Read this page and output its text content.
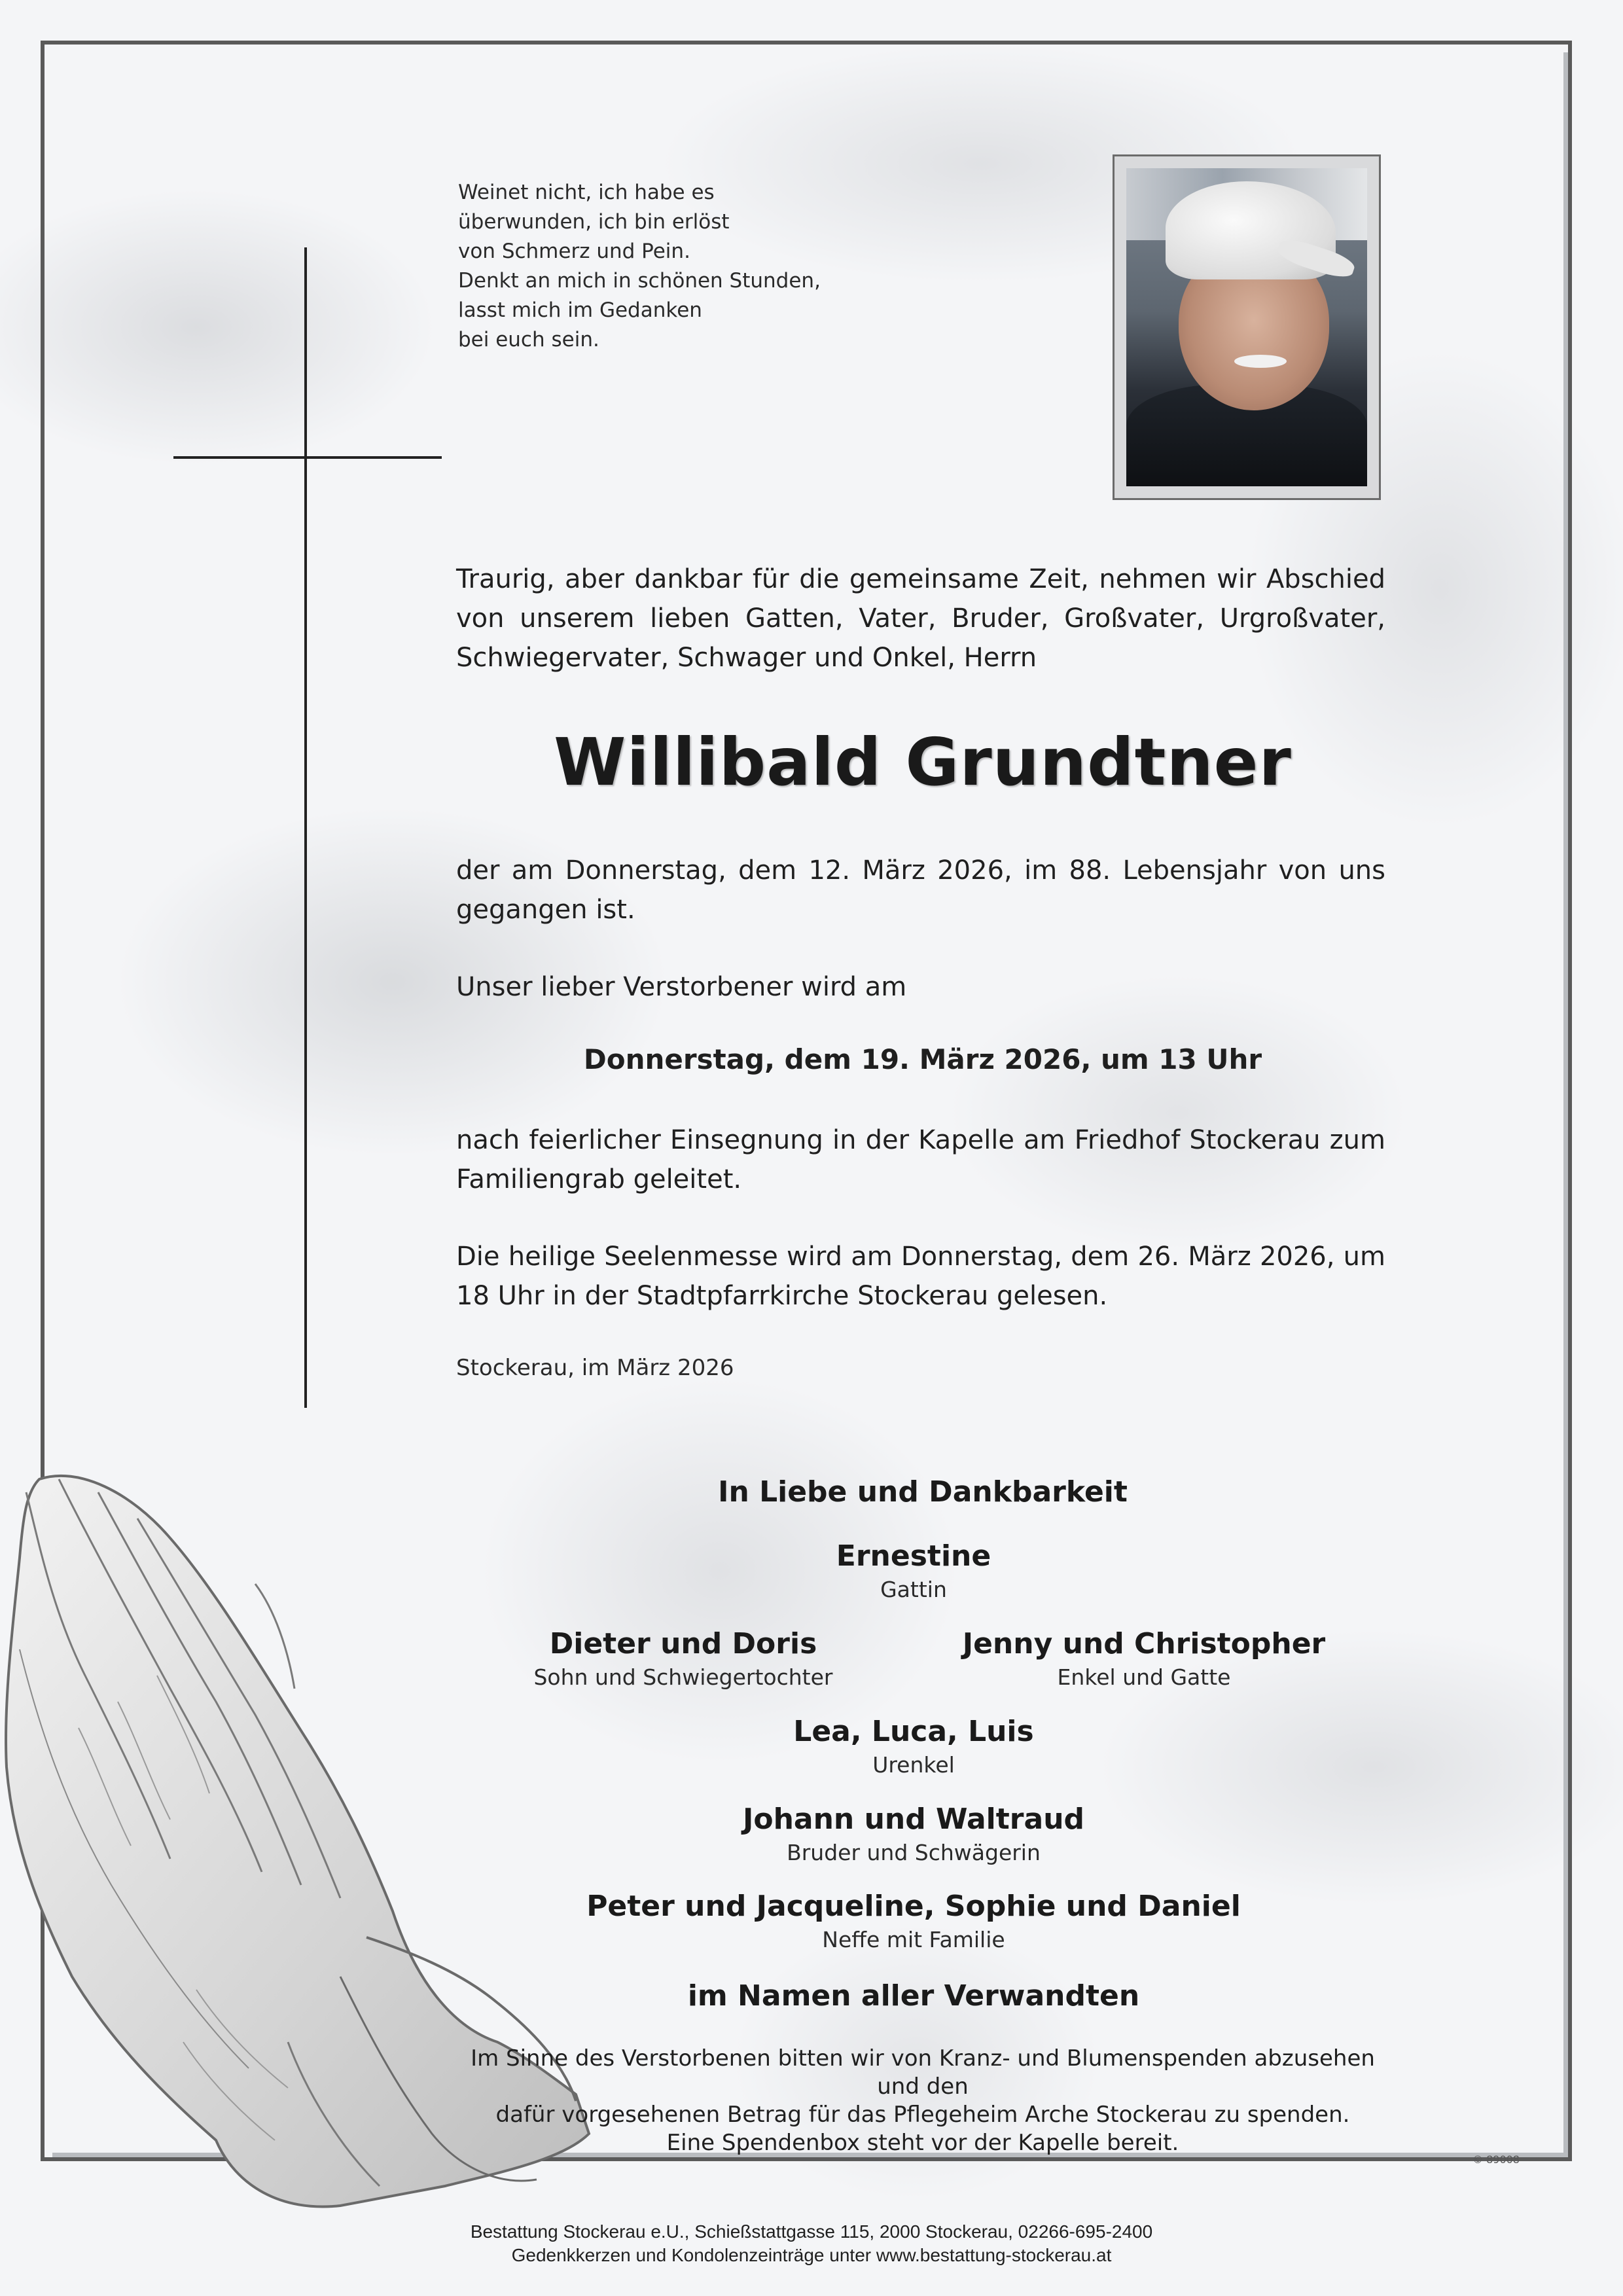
Weinet nicht, ich habe es
überwunden, ich bin erlöst
von Schmerz und Pein.
Denkt an mich in schönen Stunden,
lasst mich im Gedanken
bei euch sein.
Traurig, aber dankbar für die gemeinsame Zeit, nehmen wir Abschied von unserem lieben Gatten, Vater, Bruder, Großvater, Urgroßvater, Schwiegervater, Schwager und Onkel, Herrn
Willibald Grundtner
der am Donnerstag, dem 12. März 2026, im 88. Lebensjahr von uns gegangen ist.
Unser lieber Verstorbener wird am
Donnerstag, dem 19. März 2026, um 13 Uhr
nach feierlicher Einsegnung in der Kapelle am Friedhof Stockerau zum Familiengrab geleitet.
Die heilige Seelenmesse wird am Donnerstag, dem 26. März 2026, um 18 Uhr in der Stadtpfarrkirche Stockerau gelesen.
Stockerau, im März 2026
In Liebe und Dankbarkeit
Ernestine
Gattin
Dieter und Doris
Sohn und Schwiegertochter
Jenny und Christopher
Enkel und Gatte
Lea, Luca, Luis
Urenkel
Johann und Waltraud
Bruder und Schwägerin
Peter und Jacqueline, Sophie und Daniel
Neffe mit Familie
im Namen aller Verwandten
Im Sinne des Verstorbenen bitten wir von Kranz- und Blumenspenden abzusehen und den
dafür vorgesehenen Betrag für das Pflegeheim Arche Stockerau zu spenden.
Eine Spendenbox steht vor der Kapelle bereit.
© 89008
Bestattung Stockerau e.U., Schießstattgasse 115, 2000 Stockerau, 02266-695-2400
Gedenkkerzen und Kondolenzeinträge unter www.bestattung-stockerau.at
